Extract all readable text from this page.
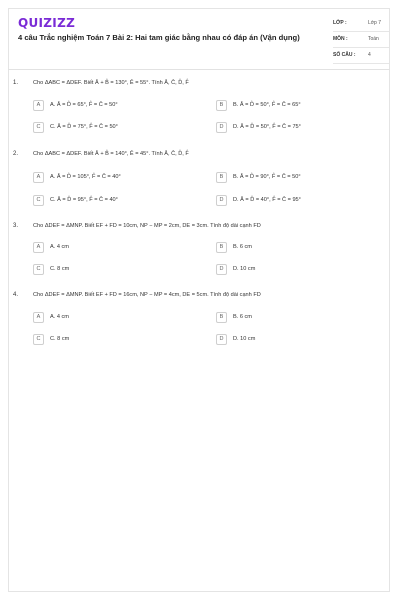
QUIZIZZ
4 câu Trắc nghiệm Toán 7 Bài 2: Hai tam giác bằng nhau có đáp án (Vận dụng)
LỚP :	Lớp 7
MÔN :	Toán
SỐ CÂU :	4
1.	Cho ΔABC = ΔDEF. Biết Â + B̂ = 130°, Ê = 55°. Tính Â, Ĉ, D̂, F̂
A	A. Â = D̂ = 65°, F̂ = Ĉ = 50°	B	B. Â = D̂ = 50°, F̂ = Ĉ = 65°
C	C. Â = D̂ = 75°, F̂ = Ĉ = 50°	D	D. Â = D̂ = 50°, F̂ = Ĉ = 75°
2.	Cho ΔABC = ΔDEF. Biết Â + B̂ = 140°, Ê = 45°. Tính Â, Ĉ, D̂, F̂
A	A. Â = D̂ = 105°, F̂ = Ĉ = 40°	B	B. Â = D̂ = 90°, F̂ = Ĉ = 50°
C	C. Â = D̂ = 95°, F̂ = Ĉ = 40°	D	D. Â = D̂ = 40°, F̂ = Ĉ = 95°
3.	Cho ΔDEF = ΔMNP. Biết EF + FD = 10cm, NP − MP = 2cm, DE = 3cm. Tính độ dài cạnh FD
A	A. 4 cm	B	B. 6 cm
C	C. 8 cm	D	D. 10 cm
4.	Cho ΔDEF = ΔMNP. Biết EF + FD = 16cm, NP − MP = 4cm, DE = 5cm. Tính độ dài cạnh FD
A	A. 4 cm	B	B. 6 cm
C	C. 8 cm	D	D. 10 cm
